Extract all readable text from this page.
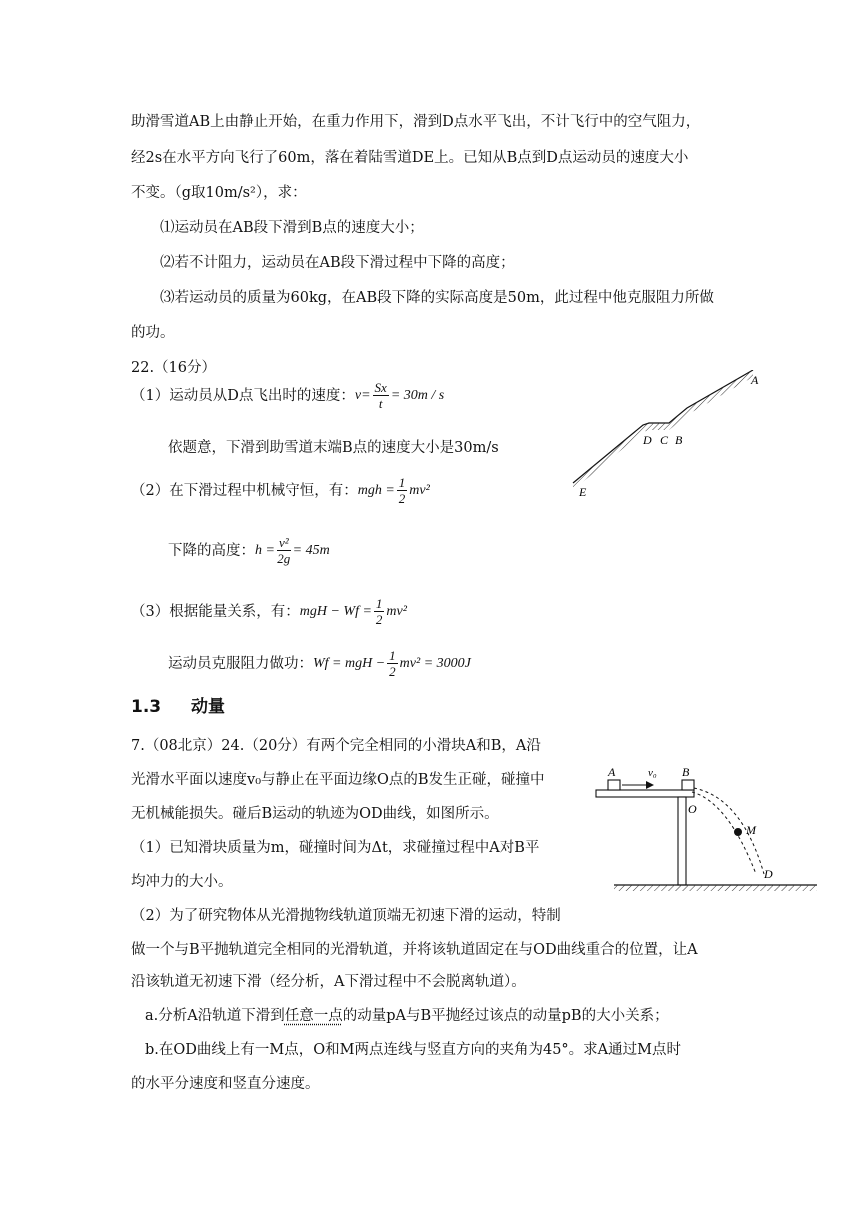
助滑雪道AB上由静止开始，在重力作用下，滑到D点水平飞出，不计飞行中的空气阻力，
经2s在水平方向飞行了60m，落在着陆雪道DE上。已知从B点到D点运动员的速度大小
不变。（g取10m/s²），求：
⑴运动员在AB段下滑到B点的速度大小；
⑵若不计阻力，运动员在AB段下滑过程中下降的高度；
⑶若运动员的质量为60kg，在AB段下降的实际高度是50m，此过程中他克服阻力所做
的功。
22.（16分）
（1）运动员从D点飞出时的速度： $v= \frac{Sx}{t} = 30m / s$
依题意，下滑到助雪道末端B点的速度大小是30m/s
（2）在下滑过程中机械守恒，有： mgh = $\frac{1}{2} mv^2$
下降的高度： $h = \frac{\text{v²}}{2g} = 45m$
（3）根据能量关系，有： mgH − $Wf = \frac{1}{2} mv^2$
运动员克服阻力做功： Wf = mgH − $\frac{1}{2} mv^2 = 3000J$
A
D C B
E
1.3 动量
7.（08北京）24.（20分）有两个完全相同的小滑块A和B，A沿
光滑水平面以速度v₀与静止在平面边缘O点的B发生正碰，碰撞中
无机械能损失。碰后B运动的轨迹为OD曲线，如图所示。
（1）已知滑块质量为m，碰撞时间为Δt，求碰撞过程中A对B平
均冲力的大小。
（2）为了研究物体从光滑抛物线轨道顶端无初速下滑的运动，特制
做一个与B平抛轨道完全相同的光滑轨道，并将该轨道固定在与OD曲线重合的位置，让A
沿该轨道无初速下滑（经分析，A下滑过程中不会脱离轨道）。
a.分析A沿轨道下滑到任意一点的动量pA与B平抛经过该点的动量pB的大小关系；
b.在OD曲线上有一M点，O和M两点连线与竖直方向的夹角为45°。求A通过M点时
的水平分速度和竖直分速度。
A	v₀ B
O
M
D
